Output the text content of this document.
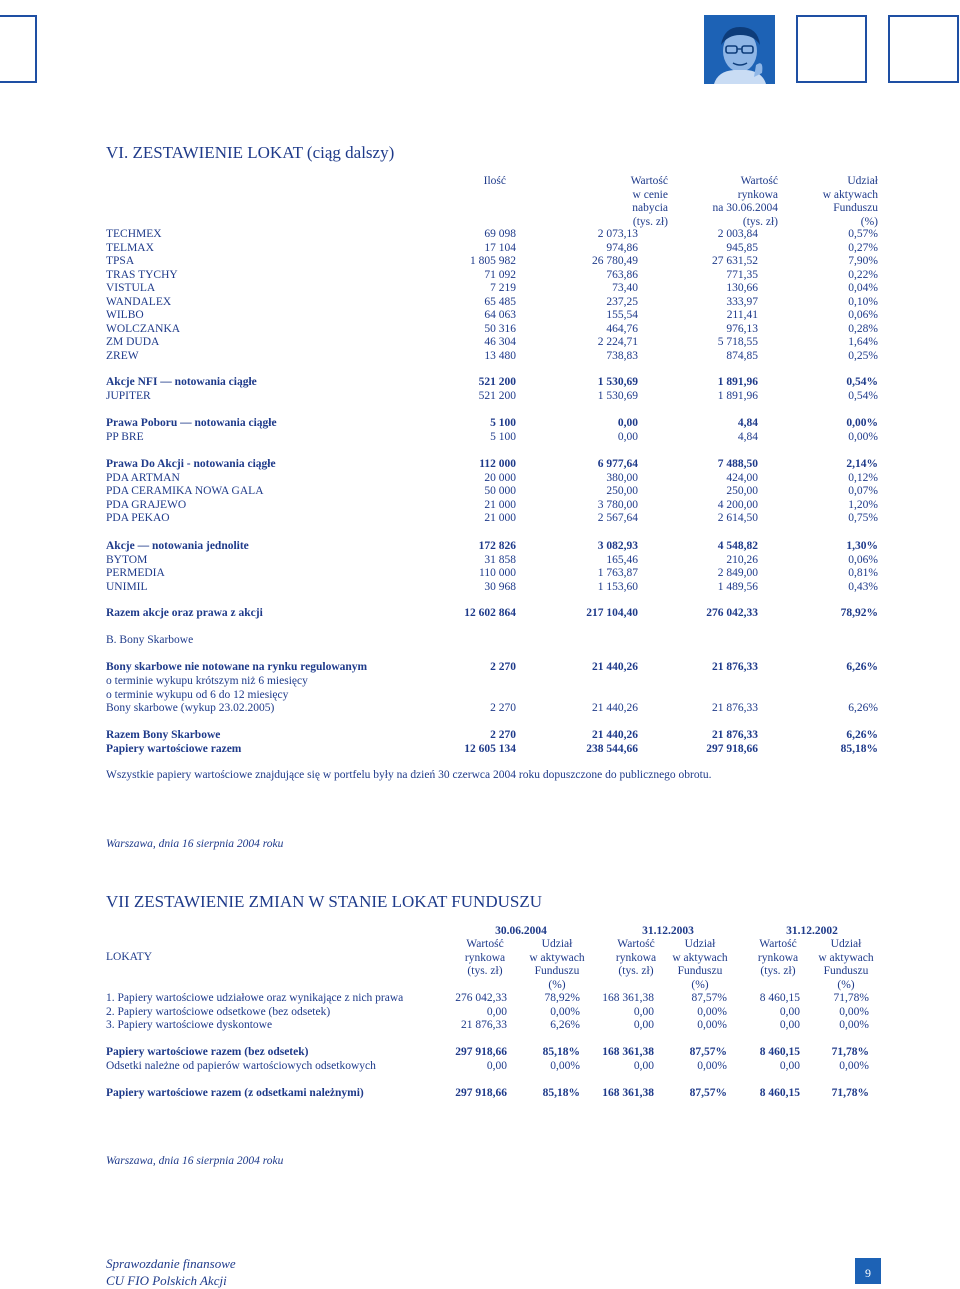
VI. ZESTAWIENIE LOKAT (ciąg dalszy)
Ilość	Wartość
w cenie
nabycia
(tys. zł)
Wartość
rynkowa
na 30.06.2004
(tys. zł)
Udział
w aktywach
Funduszu
(%)
TECHMEX	69 098	2 073,13	2 003,84	0,57%
TELMAX	17 104	974,86	945,85	0,27%
TPSA	1 805 982	26 780,49	27 631,52	7,90%
TRAS TYCHY	71 092	763,86	771,35	0,22%
VISTULA	7 219	73,40	130,66	0,04%
WANDALEX	65 485	237,25	333,97	0,10%
WILBO	64 063	155,54	211,41	0,06%
WOLCZANKA	50 316	464,76	976,13	0,28%
ZM DUDA	46 304	2 224,71	5 718,55	1,64%
ZREW	13 480	738,83	874,85	0,25%
Akcje NFI — notowania ciągłe	521 200	1 530,69	1 891,96	0,54%
JUPITER	521 200	1 530,69	1 891,96	0,54%
Prawa Poboru — notowania ciągłe	5 100	0,00	4,84	0,00%
PP BRE	5 100	0,00	4,84	0,00%
Prawa Do Akcji - notowania ciągłe	112 000	6 977,64	7 488,50	2,14%
PDA ARTMAN	20 000	380,00	424,00	0,12%
PDA CERAMIKA NOWA GALA	50 000	250,00	250,00	0,07%
PDA GRAJEWO	21 000	3 780,00	4 200,00	1,20%
PDA PEKAO	21 000	2 567,64	2 614,50	0,75%
Akcje — notowania jednolite	172 826	3 082,93	4 548,82	1,30%
BYTOM	31 858	165,46	210,26	0,06%
PERMEDIA	110 000	1 763,87	2 849,00	0,81%
UNIMIL	30 968	1 153,60	1 489,56	0,43%
Razem akcje oraz prawa z akcji	12 602 864	217 104,40	276 042,33	78,92%
Bony skarbowe nie notowane na rynku regulowanym	2 270	21 440,26	21 876,33	6,26%
o terminie wykupu krótszym niż 6 miesięcy
o terminie wykupu od 6 do 12 miesięcy
Bony skarbowe (wykup 23.02.2005)	2 270	21 440,26	21 876,33	6,26%
Razem Bony Skarbowe	2 270	21 440,26	21 876,33	6,26%
Papiery wartościowe razem	12 605 134	238 544,66	297 918,66	85,18%
B. Bony Skarbowe
Wszystkie papiery wartościowe znajdujące się w portfelu były na dzień 30 czerwca 2004 roku dopuszczone do publicznego obrotu.
Warszawa, dnia 16 sierpnia 2004 roku
VII ZESTAWIENIE ZMIAN W STANIE LOKAT FUNDUSZU
LOKATY
30.06.2004
Wartość
rynkowa
(tys. zł)
Udział
w aktywach
Funduszu
(%)
31.12.2003
Wartość
rynkowa
(tys. zł)
Udział
w aktywach
Funduszu
(%)
31.12.2002
Wartość
rynkowa
(tys. zł)
Udział
w aktywach
Funduszu
(%)
1. Papiery wartościowe udziałowe oraz wynikające z nich prawa	276 042,33	78,92%	168 361,38	87,57%	8 460,15	71,78%
2. Papiery wartościowe odsetkowe (bez odsetek)	0,00	0,00%	0,00	0,00%	0,00	0,00%
3. Papiery wartościowe dyskontowe	21 876,33	6,26%	0,00	0,00%	0,00	0,00%
Papiery wartościowe razem (bez odsetek)	297 918,66	85,18%	168 361,38	87,57%	8 460,15	71,78%
Odsetki należne od papierów wartościowych odsetkowych	0,00	0,00%	0,00	0,00%	0,00	0,00%
Papiery wartościowe razem (z odsetkami należnymi)	297 918,66	85,18%	168 361,38	87,57%	8 460,15	71,78%
Warszawa, dnia 16 sierpnia 2004 roku
Sprawozdanie finansowe
CU FIO Polskich Akcji	9
